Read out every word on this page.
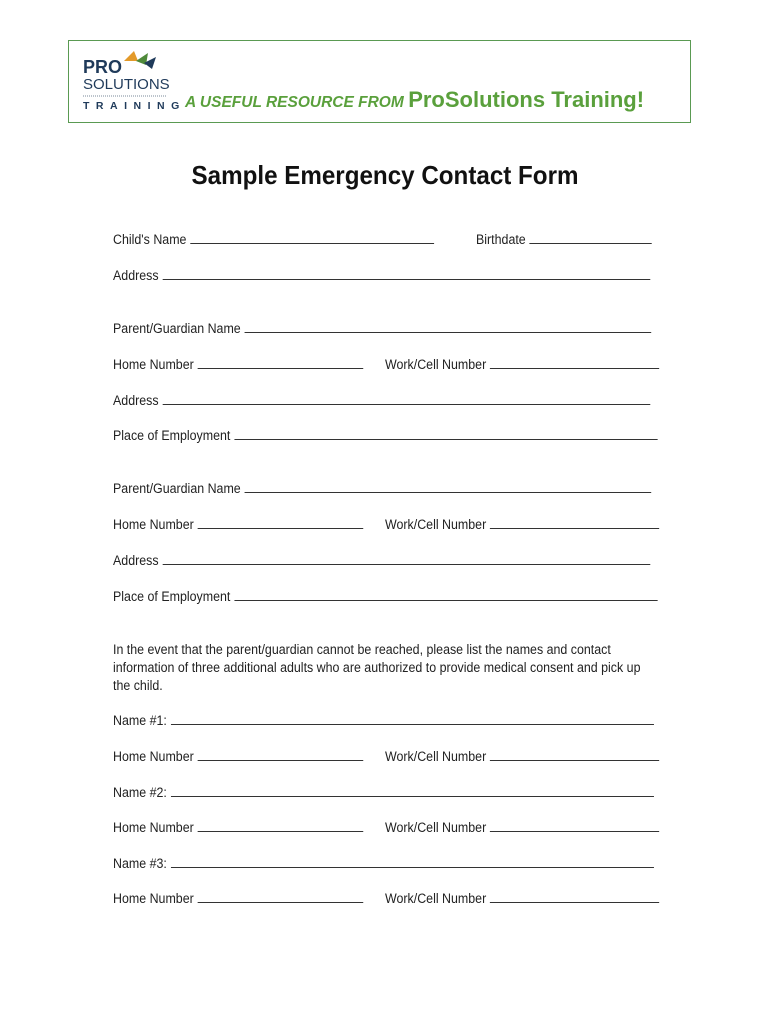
PRO
SOLUTIONS
TRAINING A USEFUL RESOURCE FROM ProSolutions Training!
Sample Emergency Contact Form
Child's Name	Birthdate
Address
Parent/Guardian Name
Home Number	Work/Cell Number
Address
Place of Employment
Parent/Guardian Name
Home Number	Work/Cell Number
Address
Place of Employment
In the event that the parent/guardian cannot be reached, please list the names and contact information of three additional adults who are authorized to provide medical consent and pick up the child.
Name #1:
Home Number	Work/Cell Number
Name #2:
Home Number	Work/Cell Number
Name #3:
Home Number	Work/Cell Number
